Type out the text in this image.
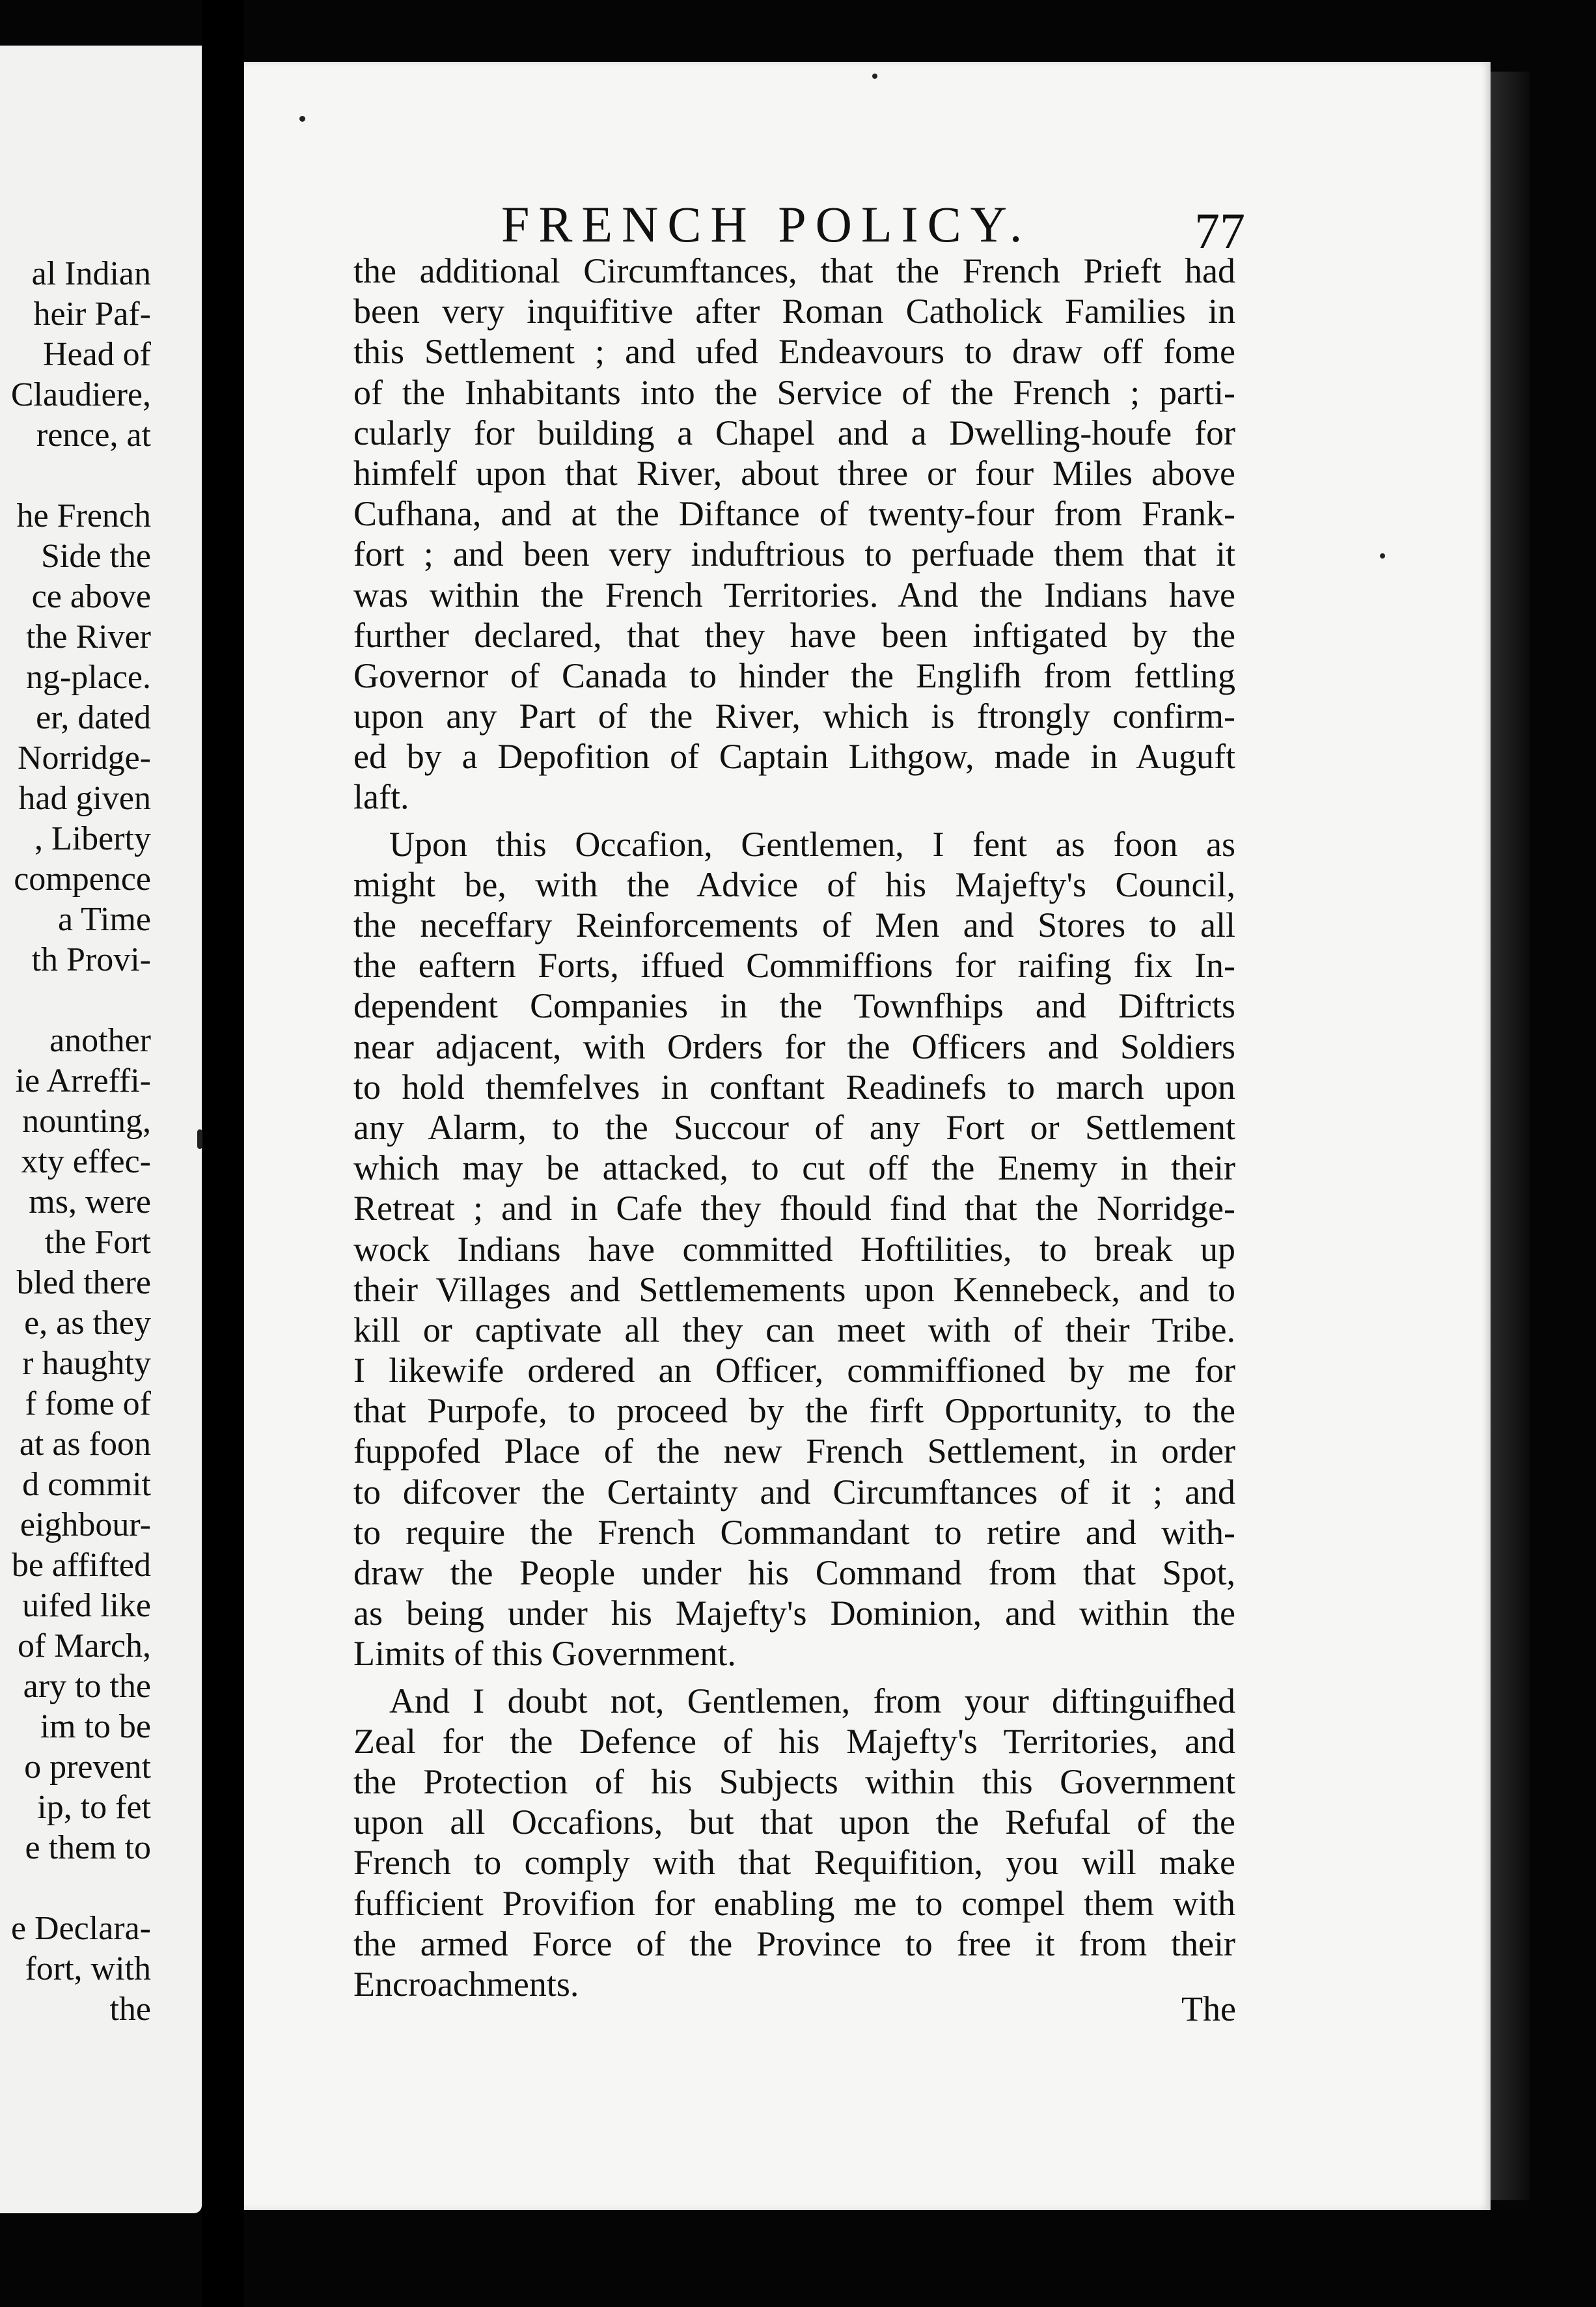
al Indian
heir Paf-
Head of
Claudiere,
rence, at
he French
Side the
ce above
the River
ng-place.
er, dated
Norridge-
had given
, Liberty
compence
a Time
th Provi-
another
ie Arreffi-
nounting,
xty effec-
ms, were
the Fort
bled there
e, as they
r haughty
f fome of
at as foon
d commit
eighbour-
be affifted
uifed like
of March,
ary to the
im to be
o prevent
ip, to fet
e them to
e Declara-
fort, with
the
FRENCH POLICY.	77
the additional Circumftances, that the French Prieft had
been very inquifitive after Roman Catholick Families in
this Settlement ; and ufed Endeavours to draw off fome
of the Inhabitants into the Service of the French ; parti-
cularly for building a Chapel and a Dwelling-houfe for
himfelf upon that River, about three or four Miles above
Cufhana, and at the Diftance of twenty-four from Frank-
fort ; and been very induftrious to perfuade them that it
was within the French Territories. And the Indians have
further declared, that they have been inftigated by the
Governor of Canada to hinder the Englifh from fettling
upon any Part of the River, which is ftrongly confirm-
ed by a Depofition of Captain Lithgow, made in Auguft
laft.
Upon this Occafion, Gentlemen, I fent as foon as
might be, with the Advice of his Majefty's Council,
the neceffary Reinforcements of Men and Stores to all
the eaftern Forts, iffued Commiffions for raifing fix In-
dependent Companies in the Townfhips and Diftricts
near adjacent, with Orders for the Officers and Soldiers
to hold themfelves in conftant Readinefs to march upon
any Alarm, to the Succour of any Fort or Settlement
which may be attacked, to cut off the Enemy in their
Retreat ; and in Cafe they fhould find that the Norridge-
wock Indians have committed Hoftilities, to break up
their Villages and Settlemements upon Kennebeck, and to
kill or captivate all they can meet with of their Tribe.
I likewife ordered an Officer, commiffioned by me for
that Purpofe, to proceed by the firft Opportunity, to the
fuppofed Place of the new French Settlement, in order
to difcover the Certainty and Circumftances of it ; and
to require the French Commandant to retire and with-
draw the People under his Command from that Spot,
as being under his Majefty's Dominion, and within the
Limits of this Government.
And I doubt not, Gentlemen, from your diftinguifhed
Zeal for the Defence of his Majefty's Territories, and
the Protection of his Subjects within this Government
upon all Occafions, but that upon the Refufal of the
French to comply with that Requifition, you will make
fufficient Provifion for enabling me to compel them with
the armed Force of the Province to free it from their
Encroachments.
The
